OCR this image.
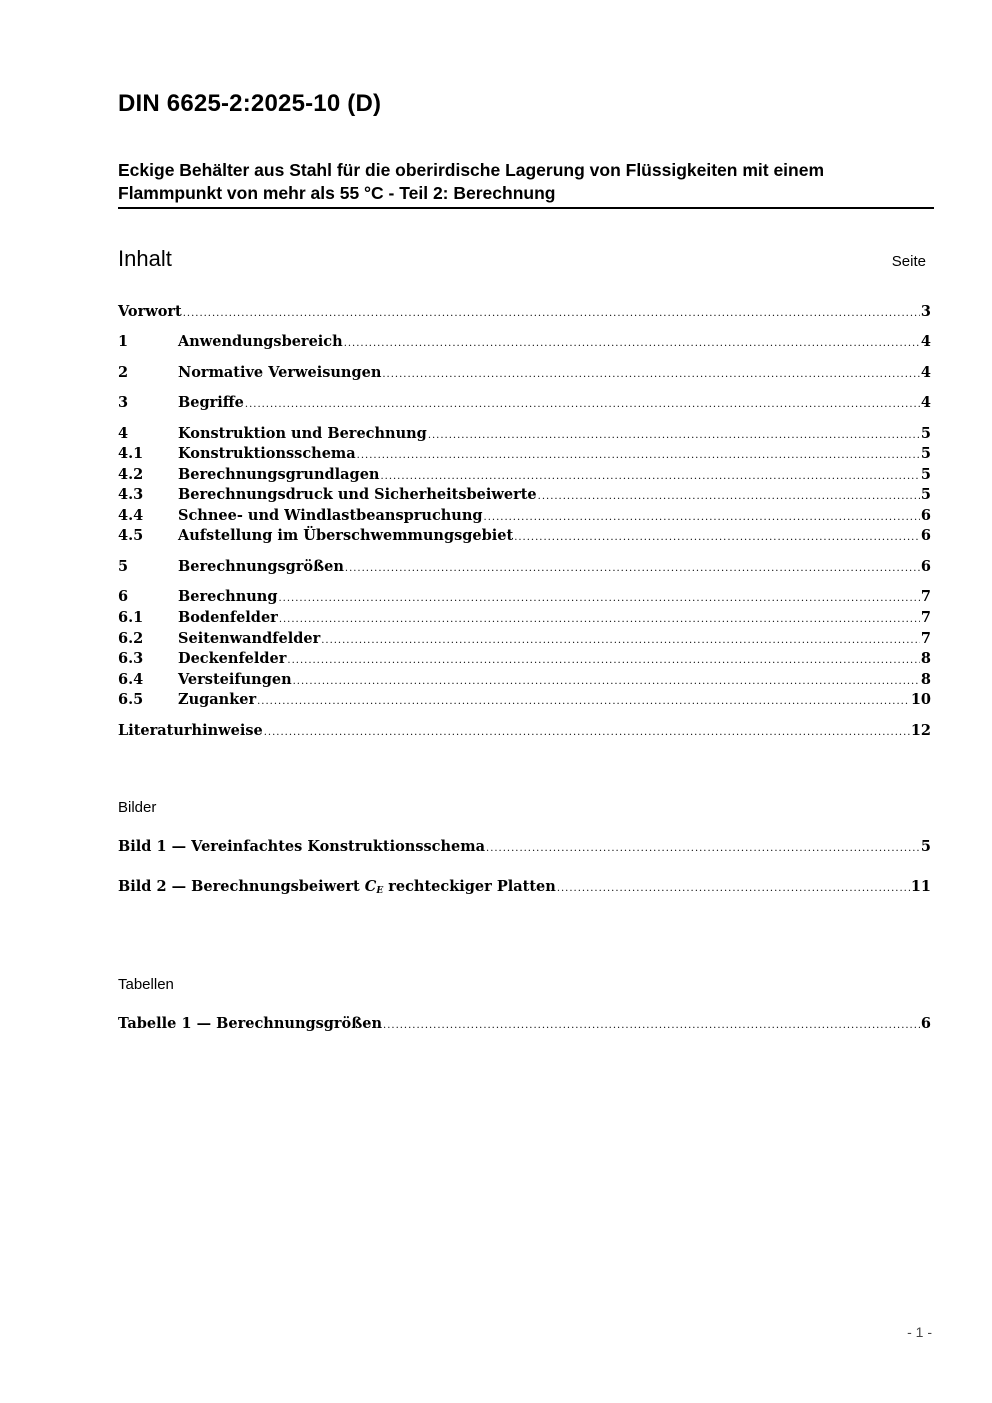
DIN 6625-2:2025-10 (D)
Eckige Behälter aus Stahl für die oberirdische Lagerung von Flüssigkeiten mit einem
Flammpunkt von mehr als 55 °C - Teil 2: Berechnung
Inhalt	Seite
Vorwort .....	3
1	Anwendungsbereich .....	4
2	Normative Verweisungen .....	4
3	Begriffe .....	4
4	Konstruktion und Berechnung .....	5
4.1	Konstruktionsschema .....	5
4.2	Berechnungsgrundlagen .....	5
4.3	Berechnungsdruck und Sicherheitsbeiwerte .....	5
4.4	Schnee- und Windlastbeanspruchung .....	6
4.5	Aufstellung im Überschwemmungsgebiet .....	6
5	Berechnungsgrößen .....	6
6	Berechnung .....	7
6.1	Bodenfelder .....	7
6.2	Seitenwandfelder .....	7
6.3	Deckenfelder .....	8
6.4	Versteifungen .....	8
6.5	Zuganker .....	10
Literaturhinweise .....	12
Bilder
Bild 1 — Vereinfachtes Konstruktionsschema .....	5
Bild 2 — Berechnungsbeiwert $C_E$ rechteckiger Platten .....	11
Tabellen
Tabelle 1 — Berechnungsgrößen .....	6
- 1 -
